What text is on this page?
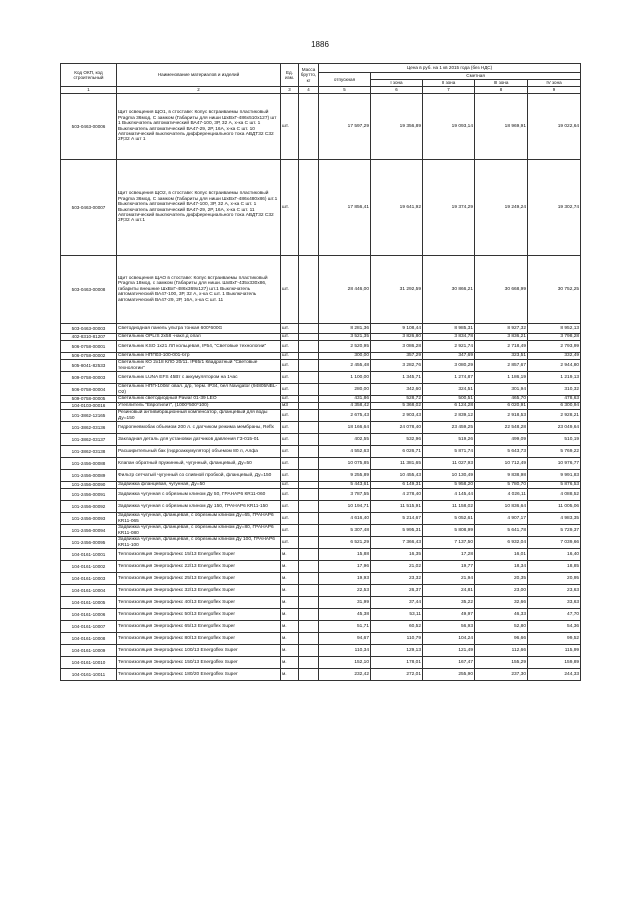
1886
Код ОКП, код строительный	Наименование материалов и изделий	Ед. изм.	Масса брутто, кг	Цена в руб. на 1 кв 2015 года (без НДС)				
				отпускная	Сметная			
					I зона	II зона	III зона	IV зона
1	2	3	4	5	6	7	8	9
503-0463-00006	Щит освещения ЩО1, в стоставе: Копус встраиваемы пластиковый Pragma 36мод. С замком (Габариты для ниши ШхВхГ-486х510х127) шт 1 Выключатель автоматический ВА47-100, 3Р, 32 А, х-ка С шт. 1 Выключатель автоматический ВА47-29, 2Р, 16А, х-ка С шт. 10 Автоматический выключатель дифференциального тока АВДТ32 С32 2Р,32 А шт 1	шт.		17 597,29	19 356,89	19 093,14	18 969,91	19 022,64
503-0463-00007	Щит освещения ЩО2, в стоставе: Копус встраиваемы пластиковый Pragma 36мод. С замком (Габариты для ниши ШхВхГ-486х480х86) шт.1 Выключатель автоматический ВА47-100, 3Р, 32 А, х-ка С шт. 1 Выключатель автоматический ВА47-29, 2Р, 16А, х-ка С шт. 11 Автоматический выключатель дифференциального тока АВДТ32 С32 2Р,32 А шт.1	шт.		17 856,41	19 641,92	19 374,29	19 249,24	19 302,74
503-0463-00008	Щит освещения ЩАО в стоставе: Копус встраиваемы пластиковый Pragma 18мод. с замком (Габариты для ниши. ШхВхГ-435х330х86, габариты внешние ШхВхГ-486х369х127) шт.1 Выключатель автоматический ВА47-100, 3Р, 32 А, х-ка С шт. 1 Выключатель автоматический ВА47-29, 2Р, 16А, х-ка С шт. 11	шт.		28 446,00	31 292,59	30 866,21	30 668,99	30 752,25
503-0463-00003	Светодиодная панель ультра тонкая 600*600G	шт.		8 281,36	9 108,44	8 985,31	8 927,32	8 952,13
402-8310-81207	Светильник OPL/S 2х58 -накл.д опал	шт.		3 521,35	3 826,80	3 834,78	3 836,21	3 798,28
506-0758-00001	Светильник KSO 1х21 ЛЛ кольцевая, IP54, "Световые технологии"	шт.		2 520,95	3 086,28	2 921,74	2 718,49	2 793,99
506-0758-00002	Светильник НПП03-100-001-бтр	шт.		300,00	357,29	347,69	323,51	332,49
505-8041-82533	Светильник КО 2х18 КЛО 20/11. IP65/1 Квадратный "Световые технологии"	шт.		2 455,48	3 282,76	3 080,29	2 857,67	2 944,80
509-0758-00003	Светильник LUNA EFS 45Вт с аккумулятором на 1час	шт.		1 100,00	1 345,71	1 274,87	1 186,19	1 219,13
506-0758-00004	Светильник НПП-100вт овал. д/р, терм. IP34, бел Navigator (94805NBL-О2)	шт.		280,00	342,60	324,51	301,94	310,32
509-0758-00005	Светильник светодиодный Pawar 01-39 LEO	шт.		431,86	528,72	500,51	465,70	478,63
104-0103-00016	Утеплитель "Евротилит", (1000*500*100)	м3		4 358,42	5 368,02	6 124,28	6 020,91	6 300,94
101-3862-12165	Резиновый антивибрационный компенсатор, фланцевый для воды Ду=150	шт.		2 675,43	2 903,43	2 839,12	2 918,53	2 928,21
101-3862-03136	Гидропневмобак объемом 200 л. с датчиком режима мембраны, Reflx	шт.		18 166,64	24 078,40	23 459,25	22 548,28	23 049,64
101-3862-03137	Закладная деталь для установки датчиков давления ГЗ-015-01	шт.		402,55	532,96	519,26	499,09	510,19
101-3862-03138	Расширительный бак (гидроаккумулятор) объемом 80 л, Алфа	шт.		4 552,63	6 026,71	5 871,74	5 643,73	5 769,22
101-2456-00088	Клапан обратный пружинный, чугунный, фланцевый, Ду=50	шт.		10 075,85	11 381,65	11 027,93	10 712,49	10 976,77
101-2456-00089	Фильтр сетчатый чугунный со сливной пробкой, фланцевый, Ду=150	шт.		9 255,89	10 455,43	10 130,49	9 838,98	9 991,83
101-2456-00090	Задвижка фланцевая, чугунная, Ду=50	шт.		5 443,61	6 149,31	5 958,20	5 780,70	5 876,53
101-2456-00091	Задвижка чугунная с обрезным клином Ду 50, ГРАНАР6 КR11-060	шт.		3 787,55	4 278,40	4 145,44	4 026,11	4 088,52
101-2456-00092	Задвижка чугунная с обрезным клином Ду 150, ГРАНАР6 КR11-150	шт.		10 194,71	11 515,91	11 158,02	10 836,64	11 005,06
101-2456-00093	Задвижка чугунная, фланцевая, с обрезным клином Ду=65, ГРАНАР6 КR11-065	шт.		4 616,40	5 214,67	5 052,61	4 907,17	4 983,35
101-2456-00094	Задвижка чугунная, фланцевая, с обрезным клином Ду=80, ГРАНАР6 КR11-080	шт.		5 307,48	5 995,31	5 808,99	5 641,78	5 729,37
101-2456-00095	Задвижка чугунная, фланцевая, с обрезным клином Ду 100, ГРАНАР6 КR11-100	шт.		6 521,29	7 366,43	7 137,50	6 932,04	7 039,66
104-0161-10001	Теплоизоляция Энергофлекс 15/13 Energoflex Super	м.		15,88	16,35	17,28	16,01	16,40
104-0161-10002	Теплоизоляция Энергофлекс 22/13 Energoflex Super	м.		17,96	21,02	19,77	18,34	18,85
104-0161-10003	Теплоизоляция Энергофлекс 25/13 Energoflex Super	м.		19,93	23,32	21,94	20,35	20,95
104-0161-10004	Теплоизоляция Энергофлекс 32/13 Energoflex Super	м.		22,53	26,37	24,81	23,00	23,63
104-0161-10005	Теплоизоляция Энергофлекс 40/13 Energoflex Super	м.		31,99	37,44	35,22	32,66	33,63
104-0161-10006	Теплоизоляция Энергофлекс 50/13 Energoflex Super	м.		45,38	53,11	49,97	46,33	47,70
104-0161-10007	Теплоизоляция Энергофлекс 65/13 Energoflex Super	м.		51,71	60,52	56,93	52,80	54,36
104-0161-10008	Теплоизоляция Энергофлекс 80/13 Energoflex Super	м.		94,67	110,79	104,24	96,66	99,52
104-0161-10009	Теплоизоляция Энергофлекс 100/13 Energoflex Super	м.		110,34	129,13	121,49	112,66	115,99
104-0161-10010	Теплоизоляция Энергофлекс 150/13 Energoflex Super	м.		152,10	178,01	167,47	155,29	159,89
104-0161-10011	Теплоизоляция Энергофлекс 180/20 Energoflex Super	м.		232,42	272,01	255,90	237,30	244,33
